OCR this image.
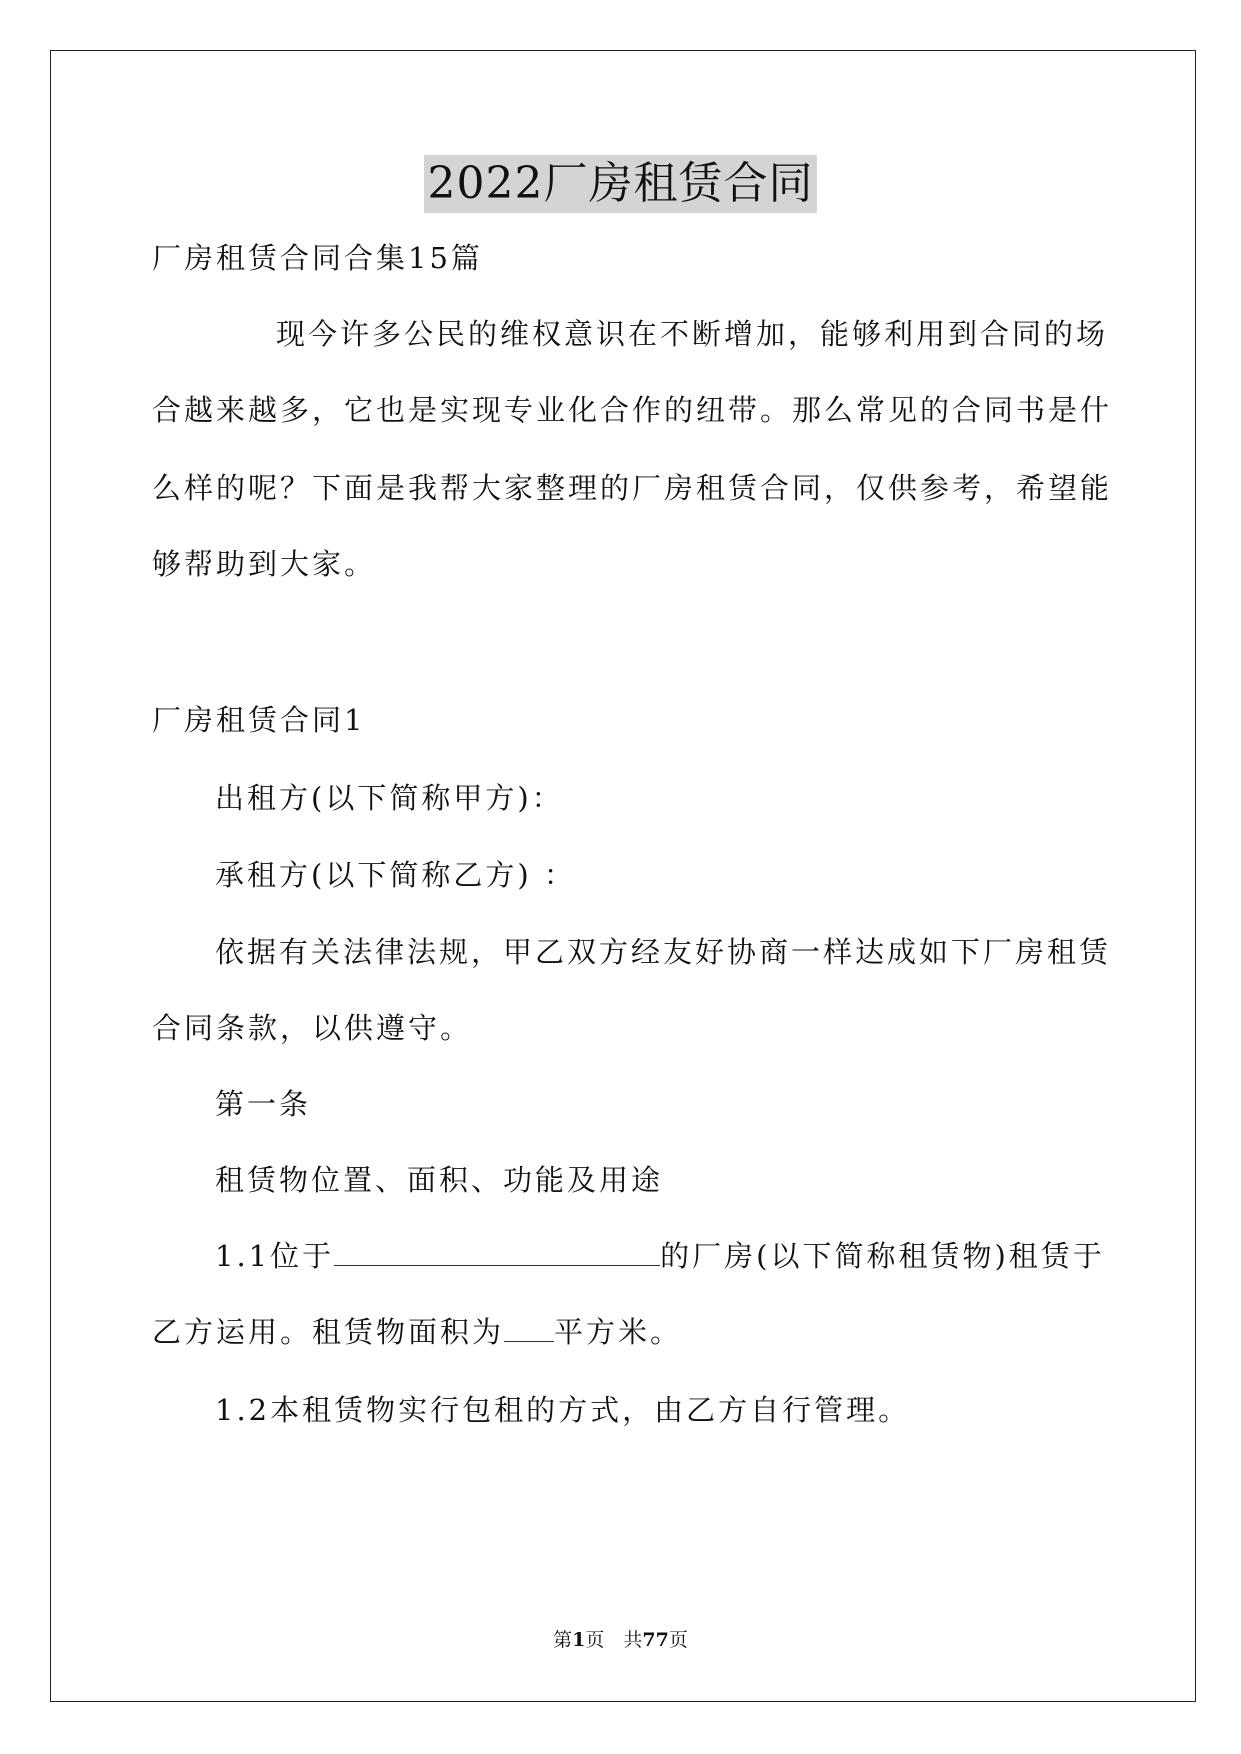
2022厂房租赁合同
厂房租赁合同合集15篇
现今许多公民的维权意识在不断增加，能够利用到合同的场
合越来越多，它也是实现专业化合作的纽带。那么常见的合同书是什
么样的呢？下面是我帮大家整理的厂房租赁合同，仅供参考，希望能
够帮助到大家。
厂房租赁合同1
出租方(以下简称甲方)：
承租方(以下简称乙方) ：
依据有关法律法规，甲乙双方经友好协商一样达成如下厂房租赁
合同条款，以供遵守。
第一条
租赁物位置、面积、功能及用途
1.1位于	的厂房(以下简称租赁物)租赁于
乙方运用。租赁物面积为 平方米。
1.2本租赁物实行包租的方式，由乙方自行管理。
第1页　共77页
